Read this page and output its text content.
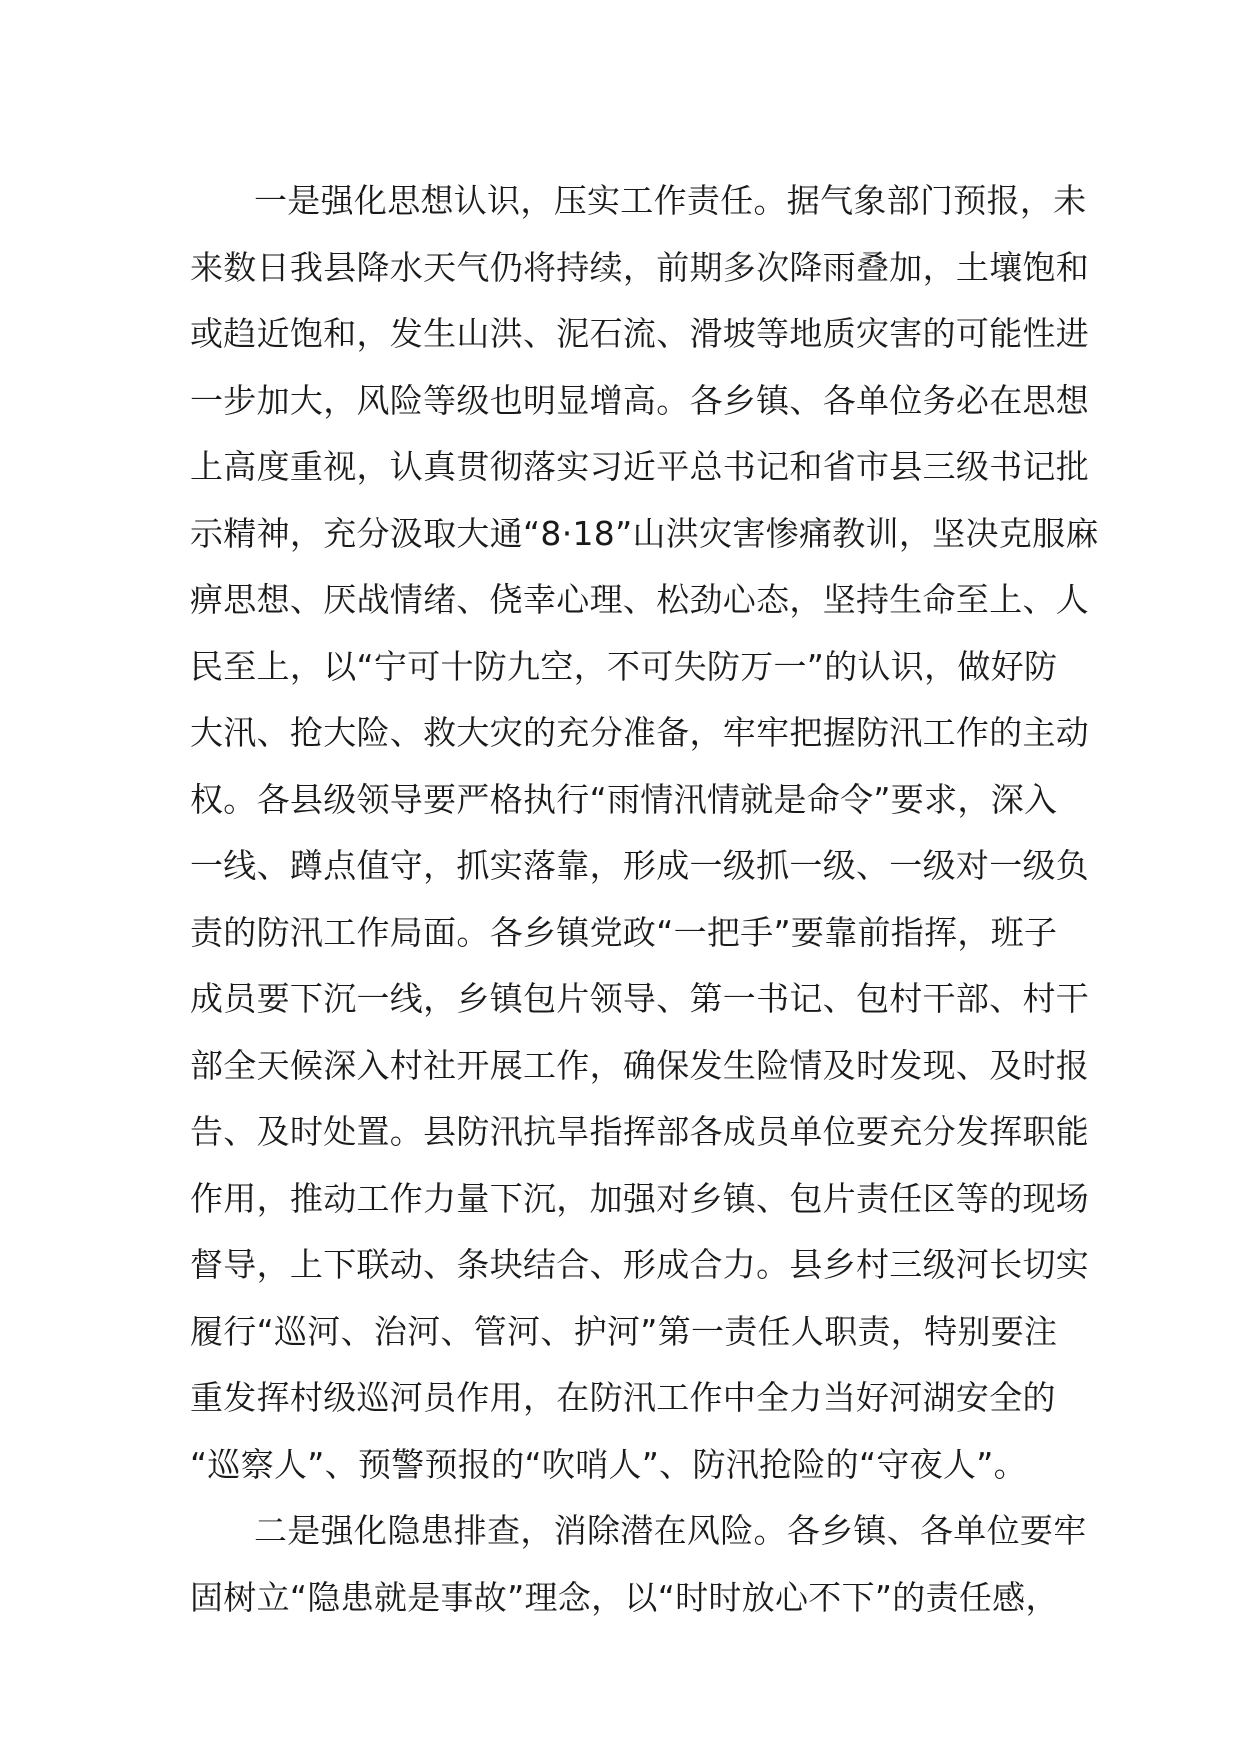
一是强化思想认识，压实工作责任。据气象部门预报，未
来数日我县降水天气仍将持续，前期多次降雨叠加，土壤饱和
或趋近饱和，发生山洪、泥石流、滑坡等地质灾害的可能性进
一步加大，风险等级也明显增高。各乡镇、各单位务必在思想
上高度重视，认真贯彻落实习近平总书记和省市县三级书记批
示精神，充分汲取大通“8·18”山洪灾害惨痛教训，坚决克服麻
痹思想、厌战情绪、侥幸心理、松劲心态，坚持生命至上、人
民至上，以“宁可十防九空，不可失防万一”的认识，做好防
大汛、抢大险、救大灾的充分准备，牢牢把握防汛工作的主动
权。各县级领导要严格执行“雨情汛情就是命令”要求，深入
一线、蹲点值守，抓实落靠，形成一级抓一级、一级对一级负
责的防汛工作局面。各乡镇党政“一把手”要靠前指挥，班子
成员要下沉一线，乡镇包片领导、第一书记、包村干部、村干
部全天候深入村社开展工作，确保发生险情及时发现、及时报
告、及时处置。县防汛抗旱指挥部各成员单位要充分发挥职能
作用，推动工作力量下沉，加强对乡镇、包片责任区等的现场
督导，上下联动、条块结合、形成合力。县乡村三级河长切实
履行“巡河、治河、管河、护河”第一责任人职责，特别要注
重发挥村级巡河员作用，在防汛工作中全力当好河湖安全的
“巡察人”、预警预报的“吹哨人”、防汛抢险的“守夜人”。
二是强化隐患排查，消除潜在风险。各乡镇、各单位要牢
固树立“隐患就是事故”理念，以“时时放心不下”的责任感，
